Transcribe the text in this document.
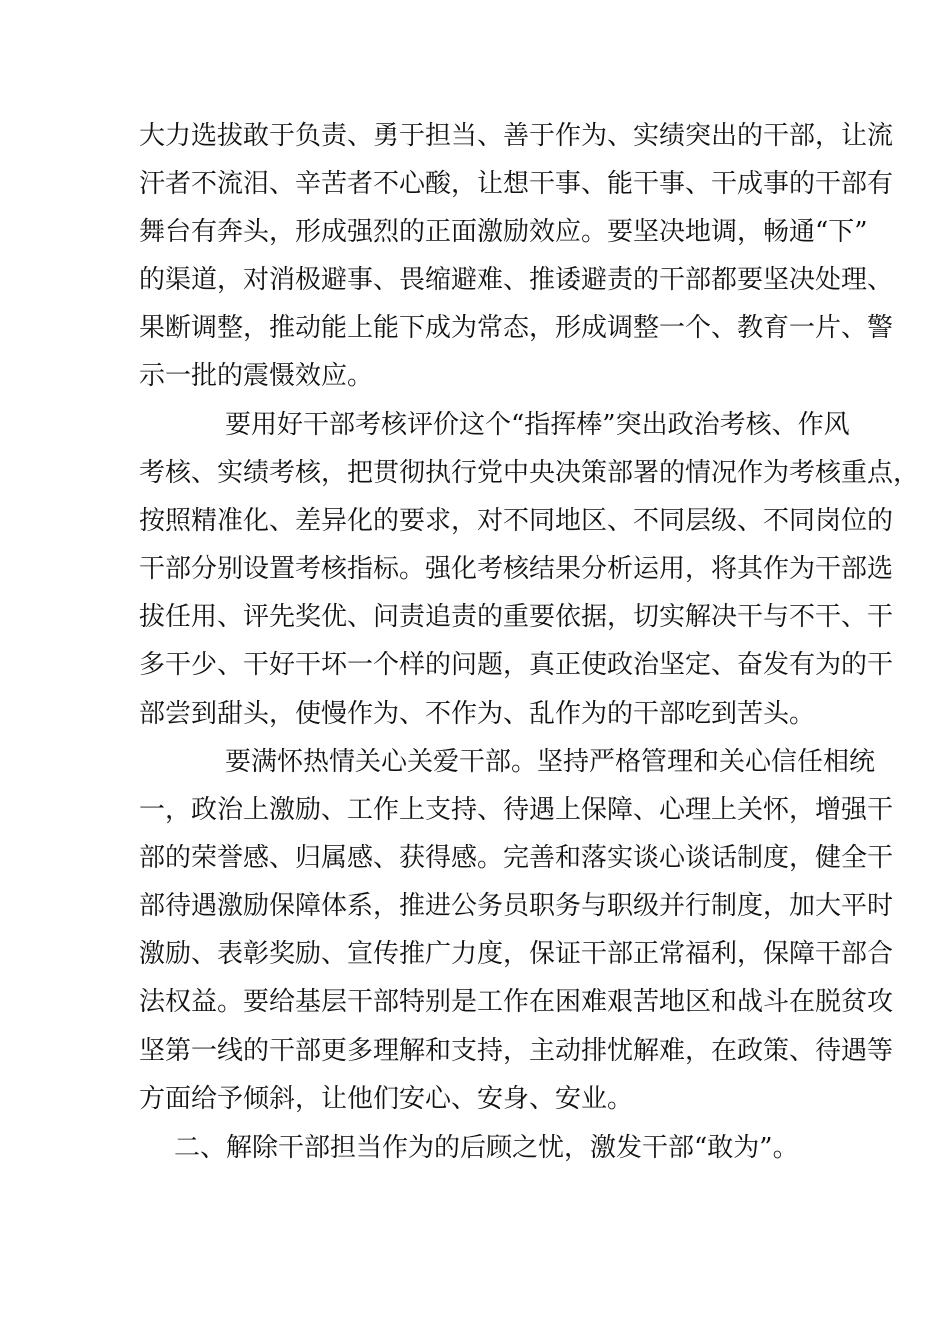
大力选拔敢于负责、勇于担当、善于作为、实绩突出的干部，让流
汗者不流泪、辛苦者不心酸，让想干事、能干事、干成事的干部有
舞台有奔头，形成强烈的正面激励效应。要坚决地调，畅通“下”
的渠道，对消极避事、畏缩避难、推诿避责的干部都要坚决处理、
果断调整，推动能上能下成为常态，形成调整一个、教育一片、警
示一批的震慑效应。
要用好干部考核评价这个“指挥棒”突出政治考核、作风
考核、实绩考核，把贯彻执行党中央决策部署的情况作为考核重点，
按照精准化、差异化的要求，对不同地区、不同层级、不同岗位的
干部分别设置考核指标。强化考核结果分析运用，将其作为干部选
拔任用、评先奖优、问责追责的重要依据，切实解决干与不干、干
多干少、干好干坏一个样的问题，真正使政治坚定、奋发有为的干
部尝到甜头，使慢作为、不作为、乱作为的干部吃到苦头。
要满怀热情关心关爱干部。坚持严格管理和关心信任相统
一，政治上激励、工作上支持、待遇上保障、心理上关怀，增强干
部的荣誉感、归属感、获得感。完善和落实谈心谈话制度，健全干
部待遇激励保障体系，推进公务员职务与职级并行制度，加大平时
激励、表彰奖励、宣传推广力度，保证干部正常福利，保障干部合
法权益。要给基层干部特别是工作在困难艰苦地区和战斗在脱贫攻
坚第一线的干部更多理解和支持，主动排忧解难，在政策、待遇等
方面给予倾斜，让他们安心、安身、安业。
二、解除干部担当作为的后顾之忧，激发干部“敢为”。
